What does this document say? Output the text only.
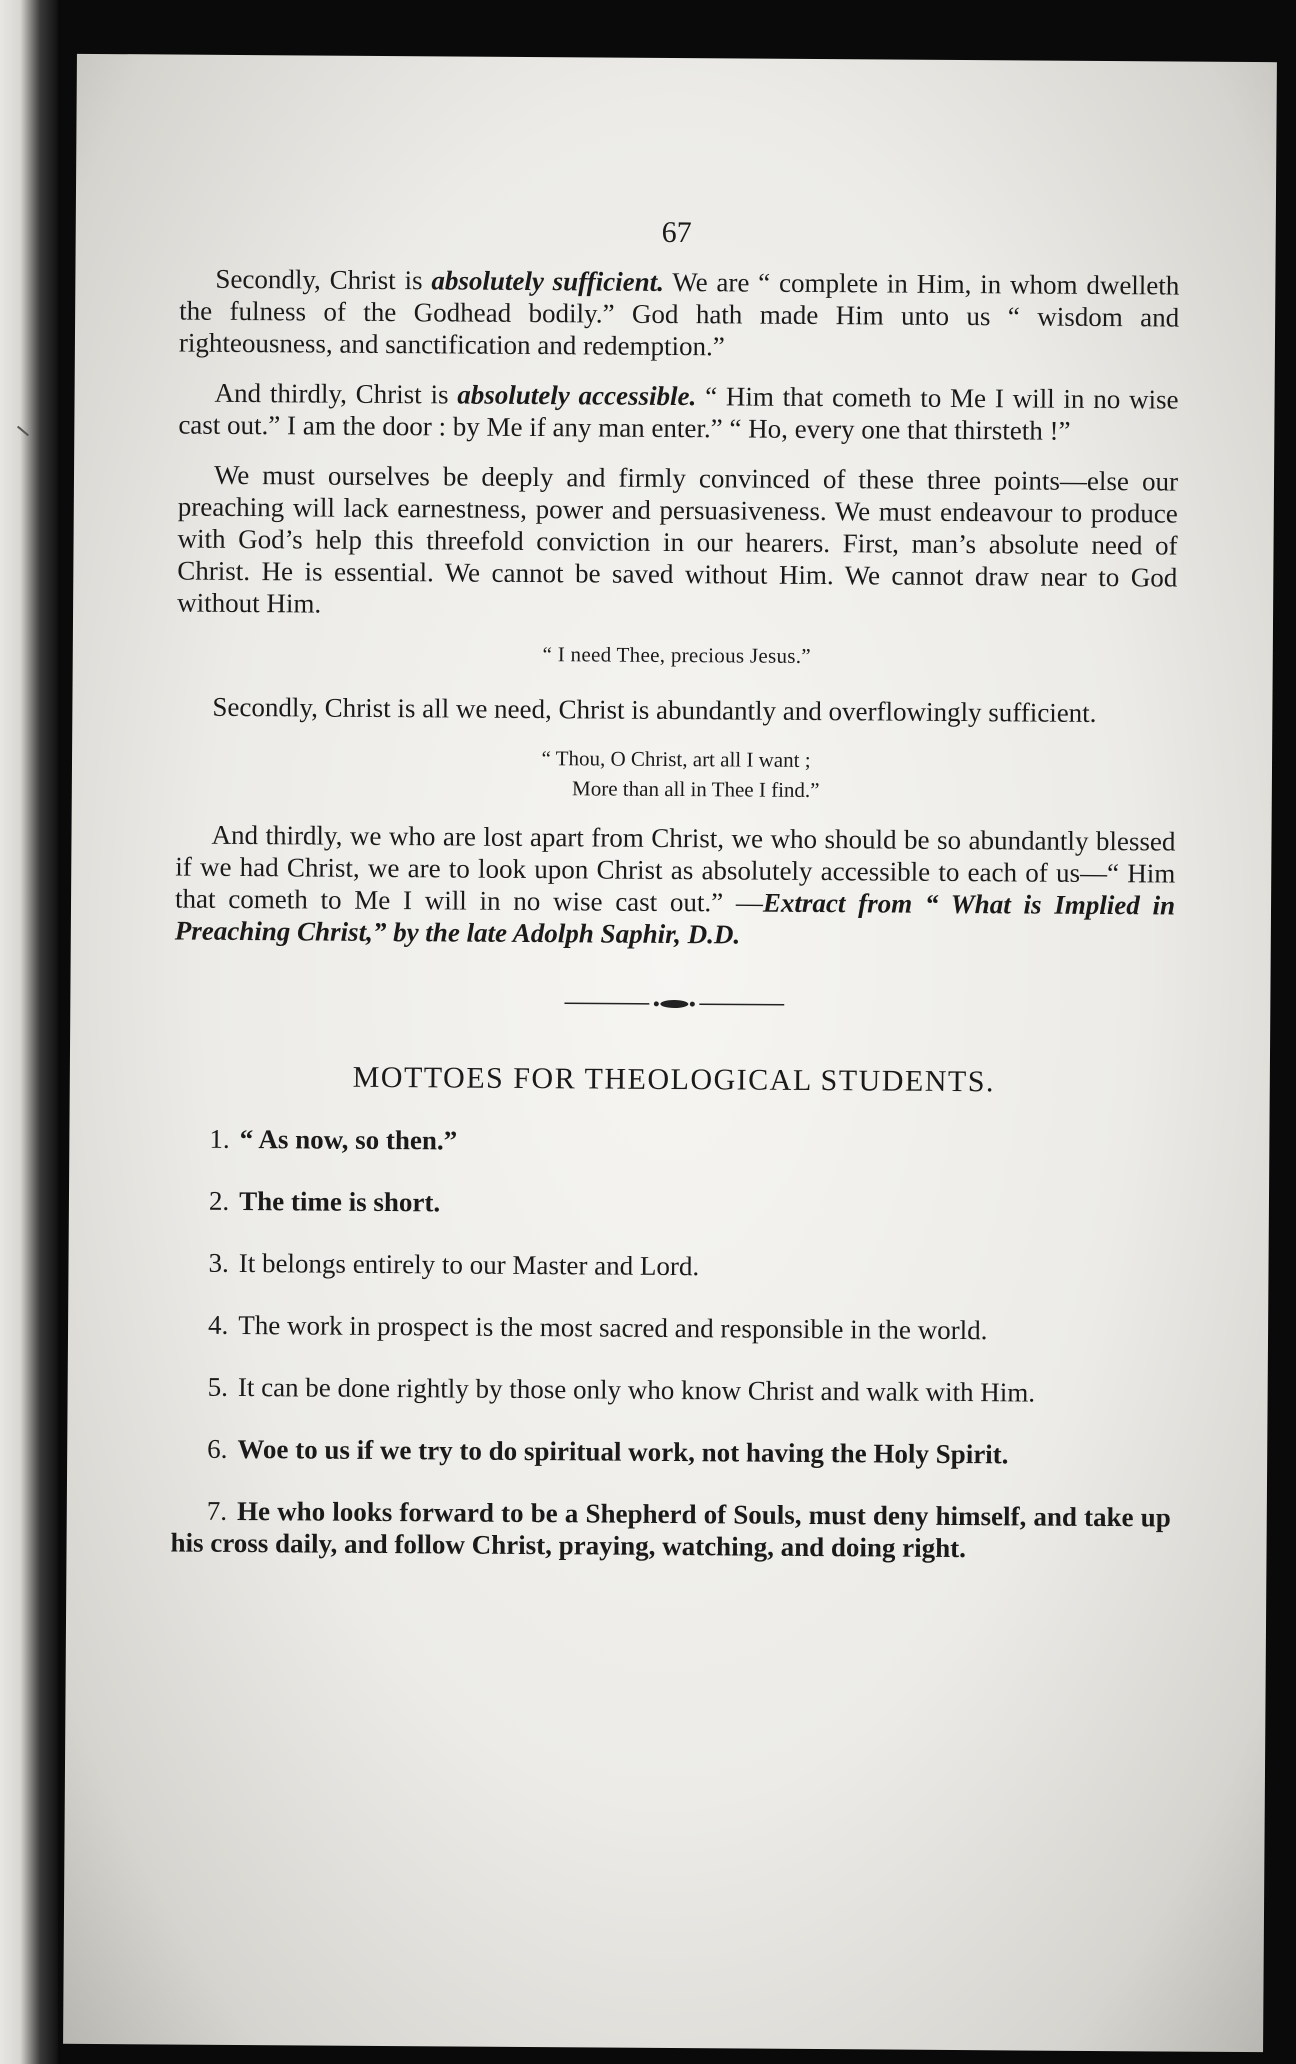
67

Secondly, Christ is absolutely sufficient. We are “ complete in Him, in whom dwelleth the fulness of the Godhead bodily.” God hath made Him unto us “ wisdom and righteousness, and sanctification and redemption.”

And thirdly, Christ is absolutely accessible. “ Him that cometh to Me I will in no wise cast out.” I am the door : by Me if any man enter.” “ Ho, every one that thirsteth !”

We must ourselves be deeply and firmly convinced of these three points—else our preaching will lack earnestness, power and persuasiveness. We must endeavour to produce with God’s help this threefold conviction in our hearers. First, man’s absolute need of Christ. He is essential. We cannot be saved without Him. We cannot draw near to God without Him.

“ I need Thee, precious Jesus.”

Secondly, Christ is all we need, Christ is abundantly and overflowingly sufficient.

“ Thou, O Christ, art all I want ;
More than all in Thee I find.”

And thirdly, we who are lost apart from Christ, we who should be so abundantly blessed if we had Christ, we are to look upon Christ as absolutely accessible to each of us—“ Him that cometh to Me I will in no wise cast out.” —Extract from “ What is Implied in Preaching Christ,” by the late Adolph Saphir, D.D.

MOTTOES FOR THEOLOGICAL STUDENTS.

1. “ As now, so then.”

2. The time is short.

3. It belongs entirely to our Master and Lord.

4. The work in prospect is the most sacred and responsible in the world.

5. It can be done rightly by those only who know Christ and walk with Him.

6. Woe to us if we try to do spiritual work, not having the Holy Spirit.

7. He who looks forward to be a Shepherd of Souls, must deny himself, and take up his cross daily, and follow Christ, praying, watching, and doing right.
